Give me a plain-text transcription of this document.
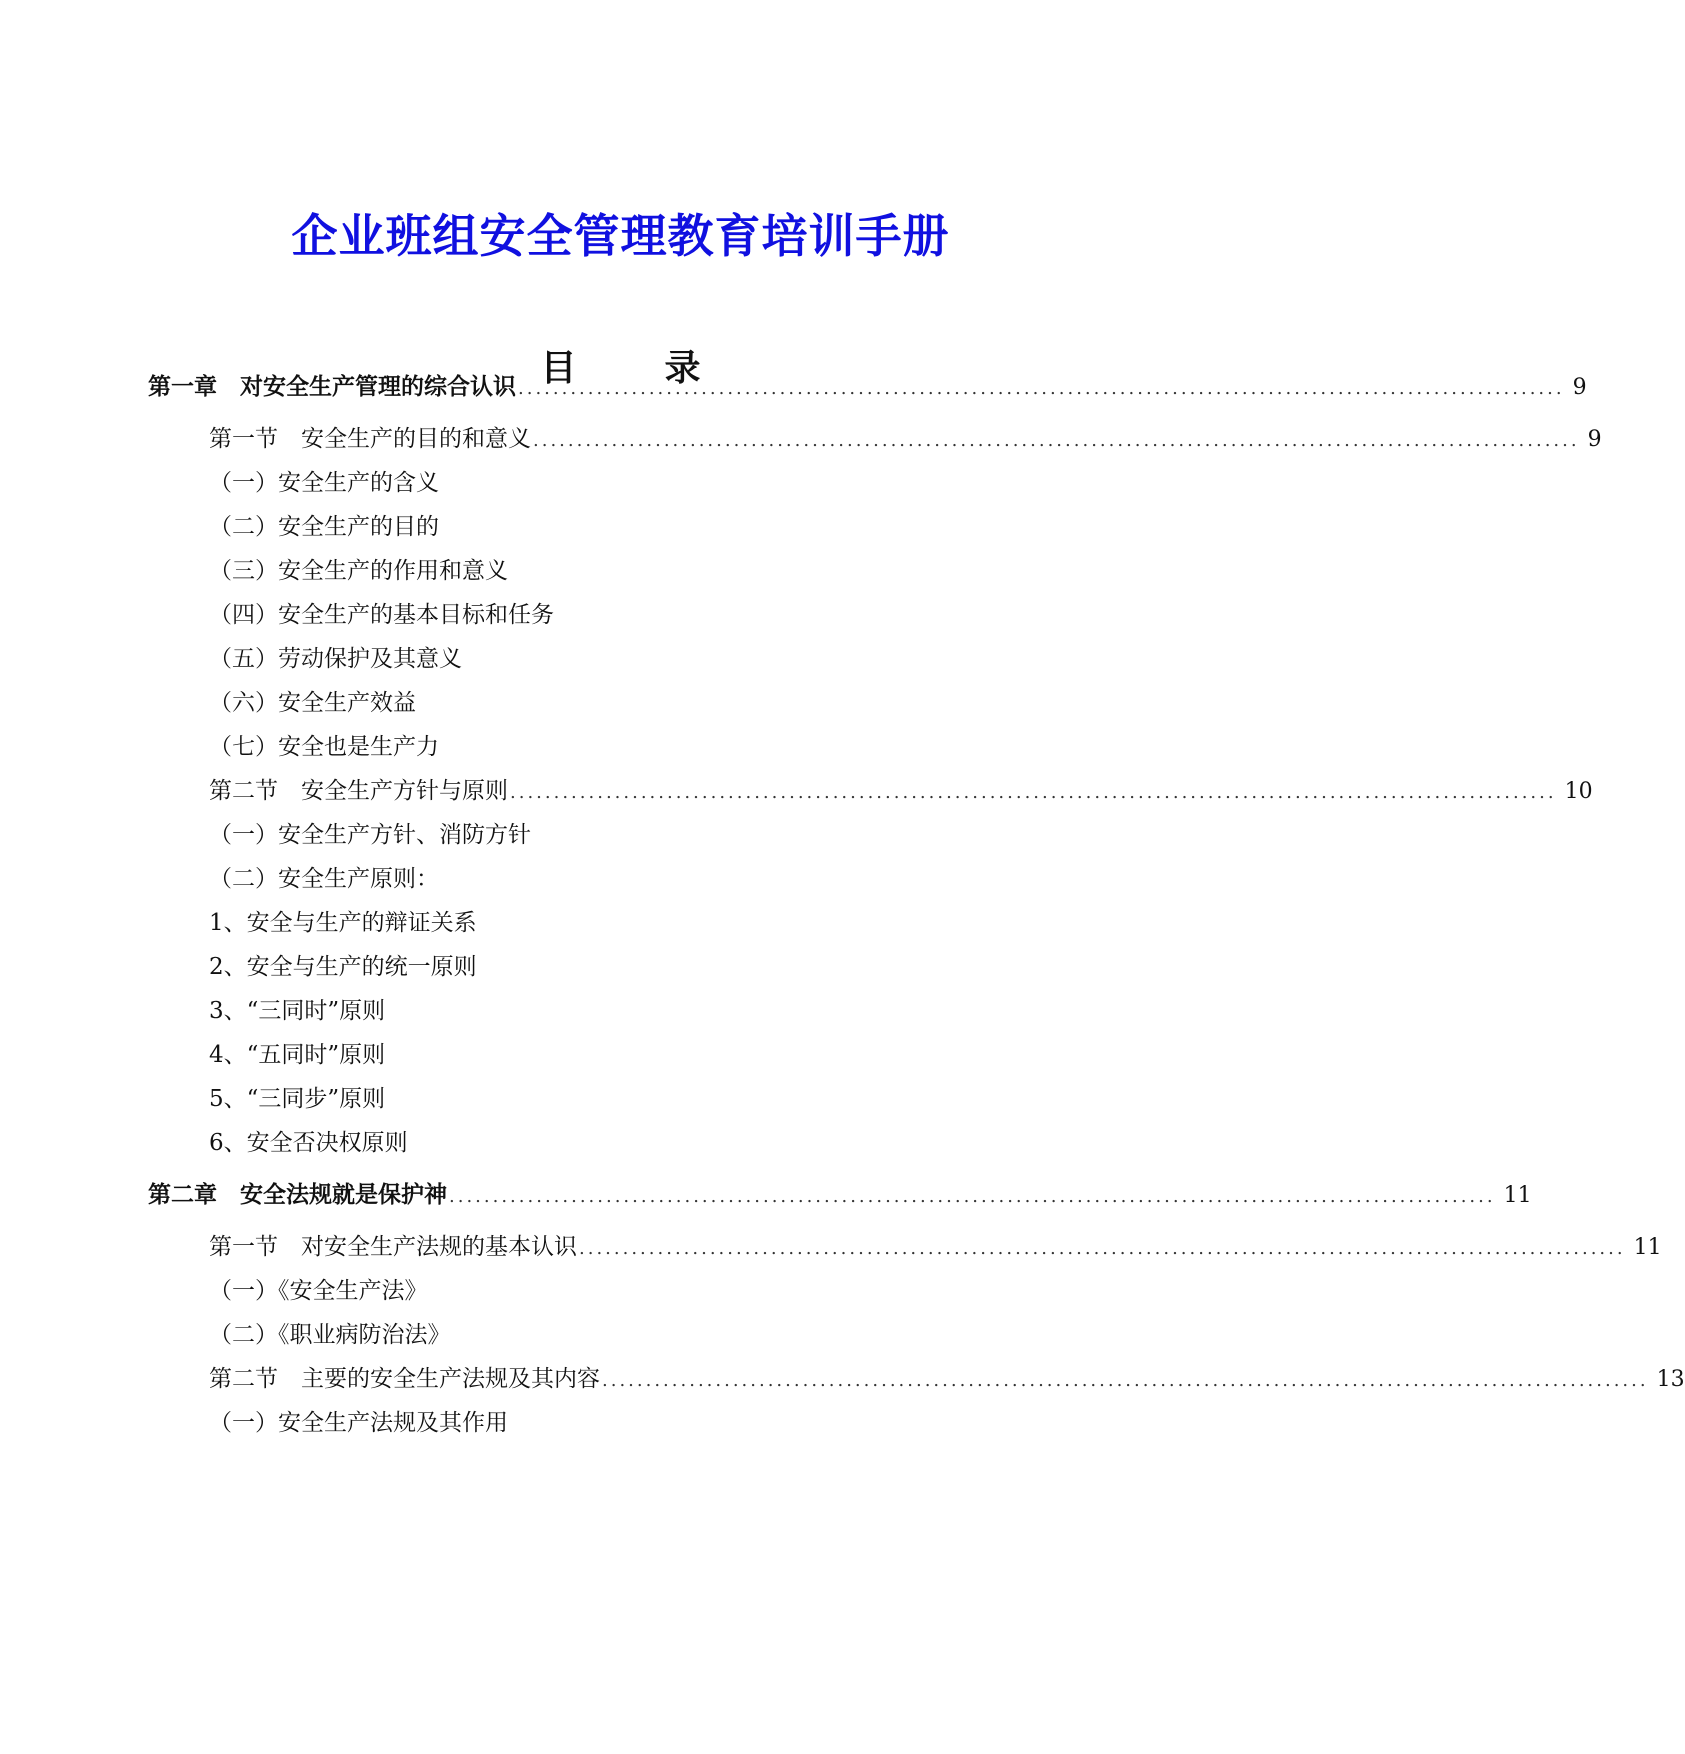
企业班组安全管理教育培训手册
目　录
第一章　对安全生产管理的综合认识 ........................................................................................................................ 9
第一节　安全生产的目的和意义 ........................................................................................................................ 9
（一）安全生产的含义
（二）安全生产的目的
（三）安全生产的作用和意义
（四）安全生产的基本目标和任务
（五）劳动保护及其意义
（六）安全生产效益
（七）安全也是生产力
第二节　安全生产方针与原则 ........................................................................................................................ 10
（一）安全生产方针、消防方针
（二）安全生产原则：
1、安全与生产的辩证关系
2、安全与生产的统一原则
3、“三同时”原则
4、“五同时”原则
5、“三同步”原则
6、安全否决权原则
第二章　安全法规就是保护神 ........................................................................................................................ 11
第一节　对安全生产法规的基本认识 ........................................................................................................................ 11
（一）《安全生产法》
（二）《职业病防治法》
第二节　主要的安全生产法规及其内容 ........................................................................................................................ 13
（一）安全生产法规及其作用
